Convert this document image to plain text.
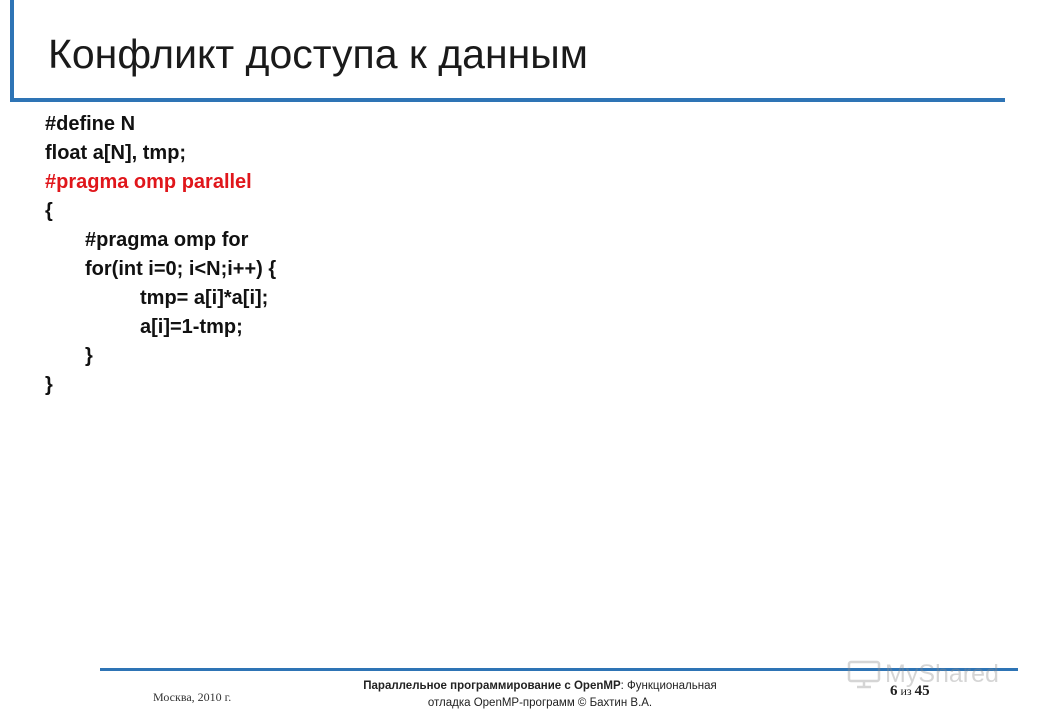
Конфликт доступа к данным
#define N
float a[N], tmp;
#pragma omp parallel
{
#pragma omp for
for(int i=0; i<N;i++) {
tmp= a[i]*a[i];
a[i]=1-tmp;
}
}
Москва, 2010 г.
Параллельное программирование с OpenMP: Функциональная
отладка OpenMP-программ © Бахтин В.А.
MyShared
6 из 45
